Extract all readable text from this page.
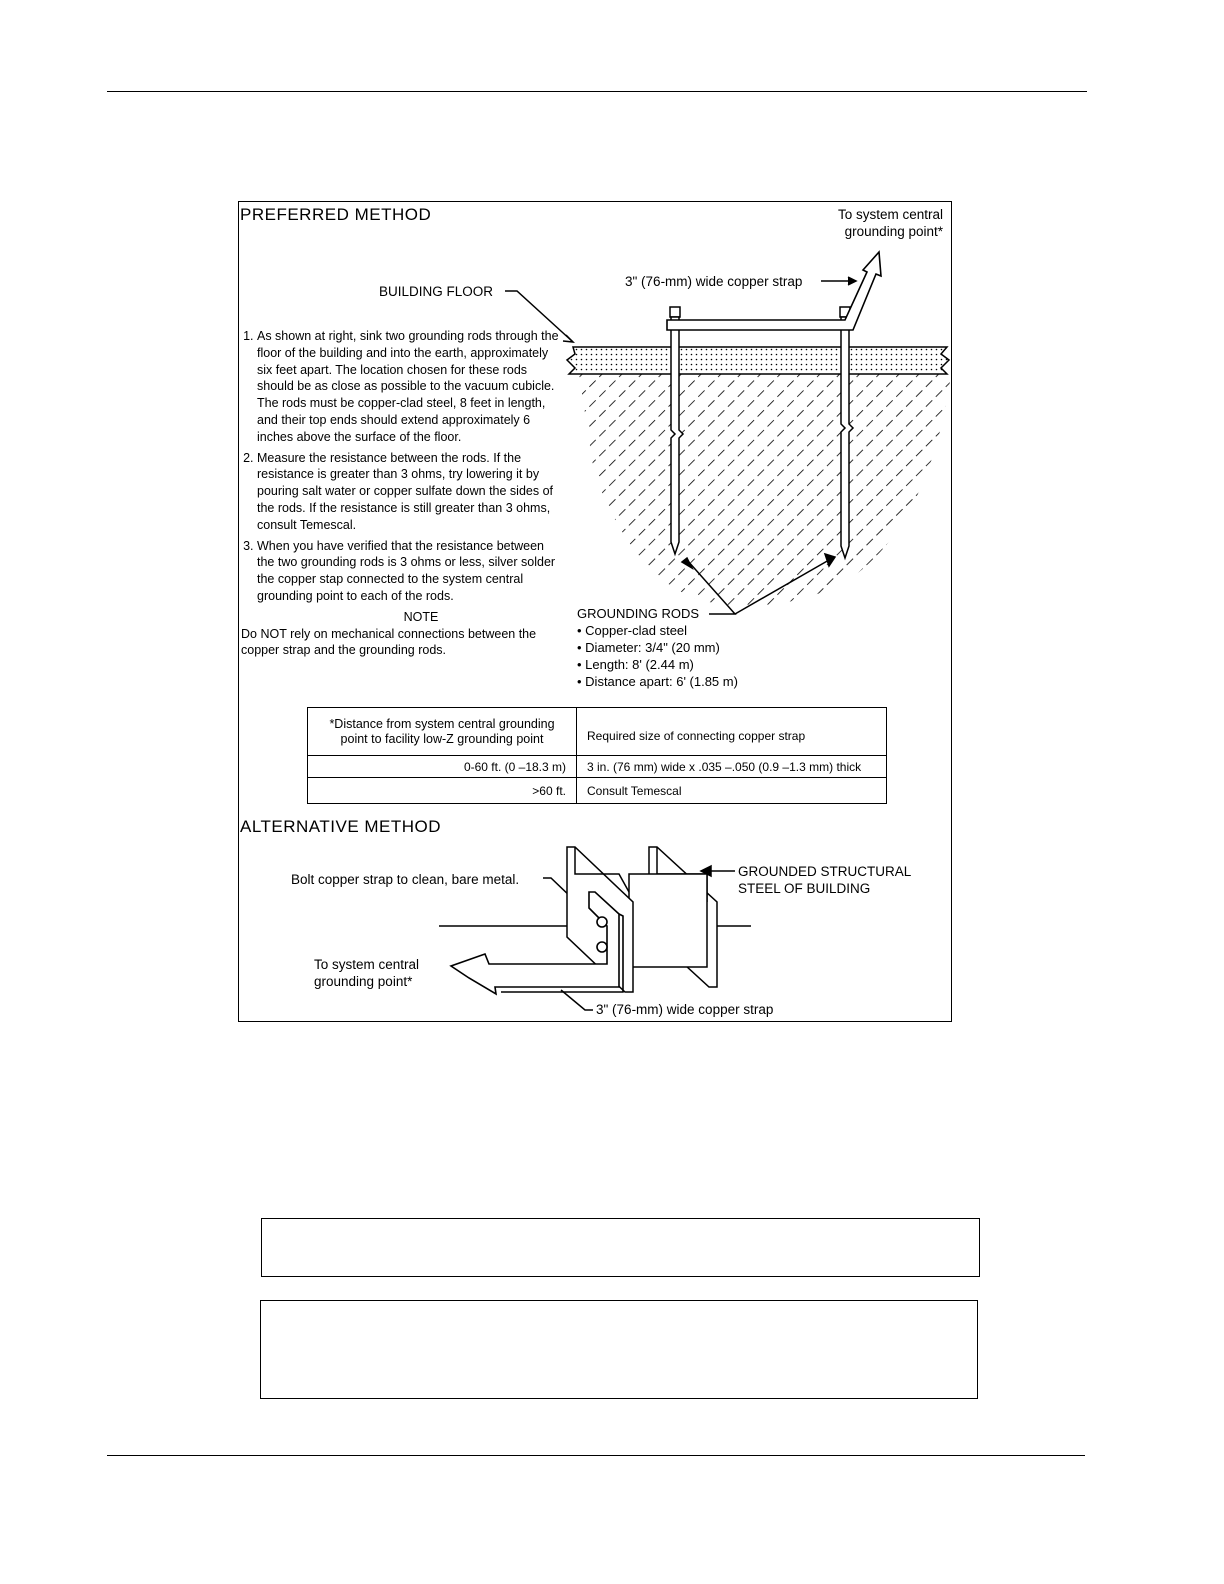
PREFERRED METHOD	To system central
grounding point*
3" (76-mm) wide copper strap
BUILDING FLOOR
1. As shown at right, sink two grounding rods through the floor of the building and into the earth, approximately six feet apart. The location chosen for these rods should be as close as possible to the vacuum cubicle. The rods must be copper-clad steel, 8 feet in length, and their top ends should extend approximately 6 inches above the surface of the floor.
2. Measure the resistance between the rods. If the resistance is greater than 3 ohms, try lowering it by pouring salt water or copper sulfate down the sides of the rods. If the resistance is still greater than 3 ohms, consult Temescal.
3. When you have verified that the resistance between the two grounding rods is 3 ohms or less, silver solder the copper stap connected to the system central grounding point to each of the rods.
NOTE
Do NOT rely on mechanical connections between the copper strap and the grounding rods.
GROUNDING RODS
• Copper-clad steel
• Diameter: 3/4" (20 mm)
• Length: 8' (2.44 m)
• Distance apart: 6' (1.85 m)
*Distance from system central grounding
point to facility low-Z grounding point	Required size of connecting copper strap
0-60 ft. (0 –18.3 m)	3 in. (76 mm) wide x .035 –.050 (0.9 –1.3 mm) thick
>60 ft.	Consult Temescal
ALTERNATIVE METHOD
Bolt copper strap to clean, bare metal.
GROUNDED STRUCTURAL
STEEL OF BUILDING
To system central
grounding point*
3" (76-mm) wide copper strap
